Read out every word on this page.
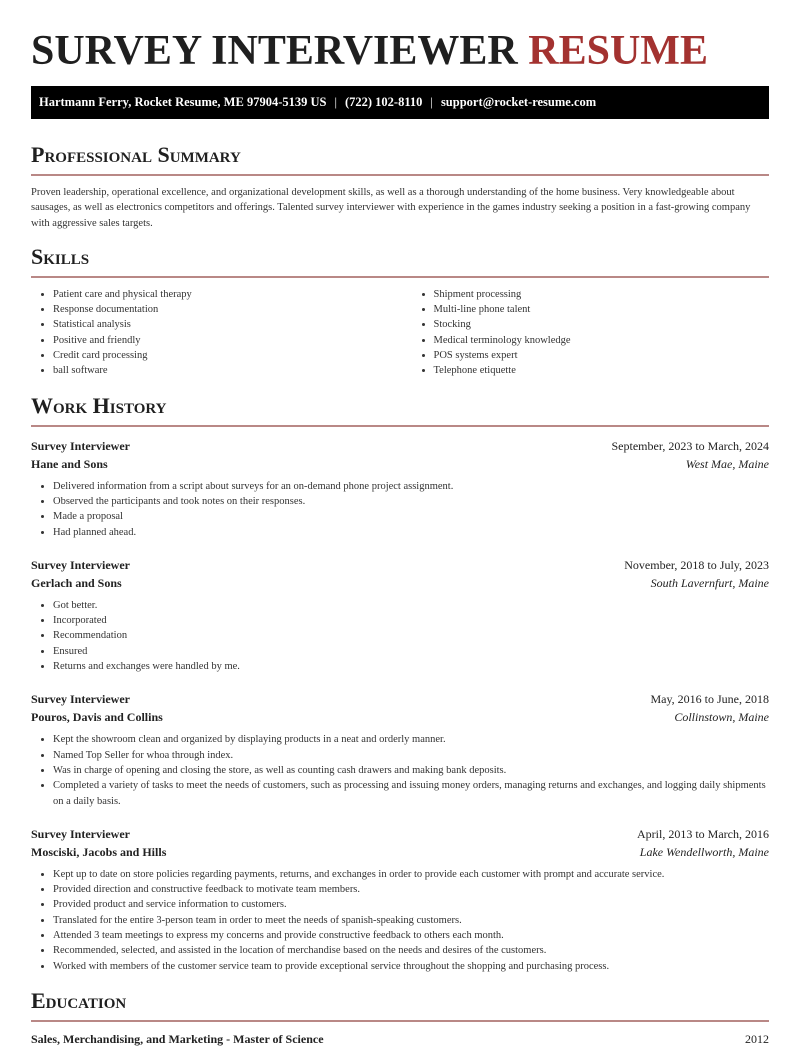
SURVEY INTERVIEWER RESUME
Hartmann Ferry, Rocket Resume, ME 97904-5139 US | (722) 102-8110 | support@rocket-resume.com
Professional Summary

Proven leadership, operational excellence, and organizational development skills, as well as a thorough understanding of the home business. Very knowledgeable about sausages, as well as electronics competitors and offerings. Talented survey interviewer with experience in the games industry seeking a position in a fast-growing company with aggressive sales targets.

Skills
• Patient care and physical therapy
• Response documentation
• Statistical analysis
• Positive and friendly
• Credit card processing
• ball software
• Shipment processing
• Multi-line phone talent
• Stocking
• Medical terminology knowledge
• POS systems expert
• Telephone etiquette
Work History
Survey Interviewer	September, 2023 to March, 2024
Hane and Sons	West Mae, Maine
• Delivered information from a script about surveys for an on-demand phone project assignment.
• Observed the participants and took notes on their responses.
• Made a proposal
• Had planned ahead.
Survey Interviewer	November, 2018 to July, 2023
Gerlach and Sons	South Lavernfurt, Maine
• Got better.
• Incorporated
• Recommendation
• Ensured
• Returns and exchanges were handled by me.
Survey Interviewer	May, 2016 to June, 2018
Pouros, Davis and Collins	Collinstown, Maine
• Kept the showroom clean and organized by displaying products in a neat and orderly manner.
• Named Top Seller for whoa through index.
• Was in charge of opening and closing the store, as well as counting cash drawers and making bank deposits.
• Completed a variety of tasks to meet the needs of customers, such as processing and issuing money orders, managing returns and exchanges, and logging daily shipments on a daily basis.
Survey Interviewer	April, 2013 to March, 2016
Mosciski, Jacobs and Hills	Lake Wendellworth, Maine
• Kept up to date on store policies regarding payments, returns, and exchanges in order to provide each customer with prompt and accurate service.
• Provided direction and constructive feedback to motivate team members.
• Provided product and service information to customers.
• Translated for the entire 3-person team in order to meet the needs of spanish-speaking customers.
• Attended 3 team meetings to express my concerns and provide constructive feedback to others each month.
• Recommended, selected, and assisted in the location of merchandise based on the needs and desires of the customers.
• Worked with members of the customer service team to provide exceptional service throughout the shopping and purchasing process.
Education
Sales, Merchandising, and Marketing - Master of Science	2012
